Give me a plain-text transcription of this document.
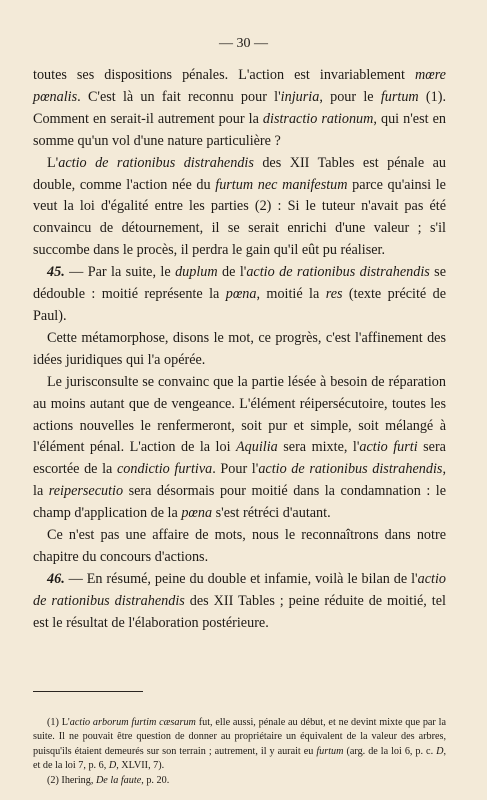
— 30 —

toutes ses dispositions pénales. L'action est invariablement mœre pœnalis. C'est là un fait reconnu pour l'injuria, pour le furtum (1). Comment en serait-il autrement pour la distractio rationum, qui n'est en somme qu'un vol d'une nature particulière ?

L'actio de rationibus distrahendis des XII Tables est pénale au double, comme l'action née du furtum nec manifestum parce qu'ainsi le veut la loi d'égalité entre les parties (2) : Si le tuteur n'avait pas été convaincu de détournement, il se serait enrichi d'une valeur ; s'il succombe dans le procès, il perdra le gain qu'il eût pu réaliser.

45. — Par la suite, le duplum de l'actio de rationibus distrahendis se dédouble : moitié représente la pœna, moitié la res (texte précité de Paul).

Cette métamorphose, disons le mot, ce progrès, c'est l'affinement des idées juridiques qui l'a opérée.

Le jurisconsulte se convainc que la partie lésée à besoin de réparation au moins autant que de vengeance. L'élément réipersécutoire, toutes les actions nouvelles le renfermeront, soit pur et simple, soit mélangé à l'élément pénal. L'action de la loi Aquilia sera mixte, l'actio furti sera escortée de la condictio furtiva. Pour l'actio de rationibus distrahendis, la reipersecutio sera désormais pour moitié dans la condamnation : le champ d'application de la pœna s'est rétréci d'autant.

Ce n'est pas une affaire de mots, nous le reconnaîtrons dans notre chapitre du concours d'actions.

46. — En résumé, peine du double et infamie, voilà le bilan de l'actio de rationibus distrahendis des XII Tables ; peine réduite de moitié, tel est le résultat de l'élaboration postérieure.

(1) L'actio arborum furtim cæsarum fut, elle aussi, pénale au début, et ne devint mixte que par la suite. Il ne pouvait être question de donner au propriétaire un équivalent de la valeur des arbres, puisqu'ils étaient demeurés sur son terrain ; autrement, il y aurait eu furtum (arg. de la loi 6, p. c. D, et de la loi 7, p. 6, D, XLVII, 7).

(2) Ihering, De la faute, p. 20.
